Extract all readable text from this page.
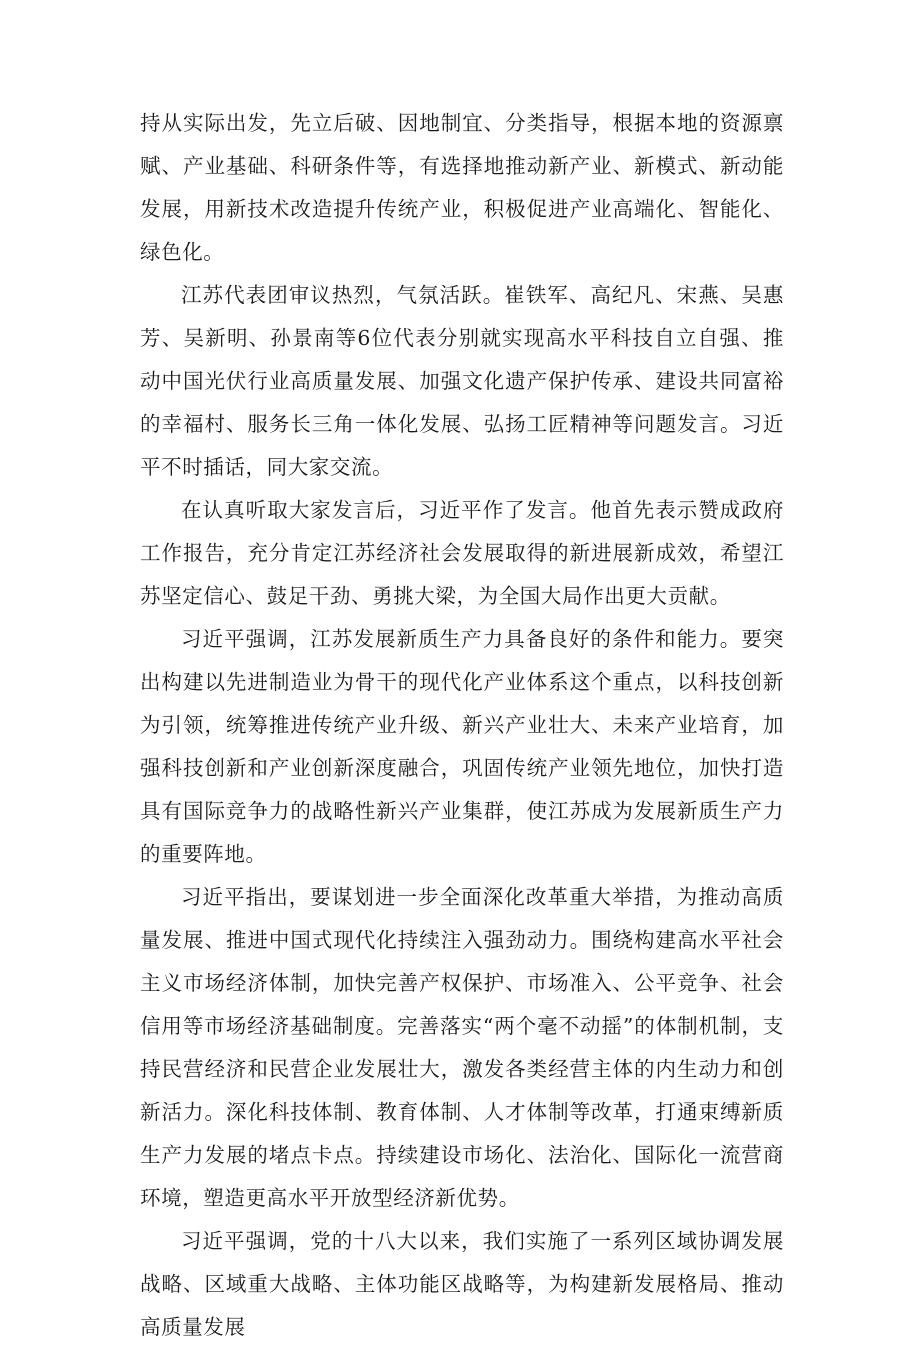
持从实际出发，先立后破、因地制宜、分类指导，根据本地的资源禀赋、产业基础、科研条件等，有选择地推动新产业、新模式、新动能发展，用新技术改造提升传统产业，积极促进产业高端化、智能化、绿色化。

江苏代表团审议热烈，气氛活跃。崔铁军、高纪凡、宋燕、吴惠芳、吴新明、孙景南等6位代表分别就实现高水平科技自立自强、推动中国光伏行业高质量发展、加强文化遗产保护传承、建设共同富裕的幸福村、服务长三角一体化发展、弘扬工匠精神等问题发言。习近平不时插话，同大家交流。

在认真听取大家发言后，习近平作了发言。他首先表示赞成政府工作报告，充分肯定江苏经济社会发展取得的新进展新成效，希望江苏坚定信心、鼓足干劲、勇挑大梁，为全国大局作出更大贡献。

习近平强调，江苏发展新质生产力具备良好的条件和能力。要突出构建以先进制造业为骨干的现代化产业体系这个重点，以科技创新为引领，统筹推进传统产业升级、新兴产业壮大、未来产业培育，加强科技创新和产业创新深度融合，巩固传统产业领先地位，加快打造具有国际竞争力的战略性新兴产业集群，使江苏成为发展新质生产力的重要阵地。

习近平指出，要谋划进一步全面深化改革重大举措，为推动高质量发展、推进中国式现代化持续注入强劲动力。围绕构建高水平社会主义市场经济体制，加快完善产权保护、市场准入、公平竞争、社会信用等市场经济基础制度。完善落实“两个毫不动摇”的体制机制，支持民营经济和民营企业发展壮大，激发各类经营主体的内生动力和创新活力。深化科技体制、教育体制、人才体制等改革，打通束缚新质生产力发展的堵点卡点。持续建设市场化、法治化、国际化一流营商环境，塑造更高水平开放型经济新优势。

习近平强调，党的十八大以来，我们实施了一系列区域协调发展战略、区域重大战略、主体功能区战略等，为构建新发展格局、推动高质量发展
